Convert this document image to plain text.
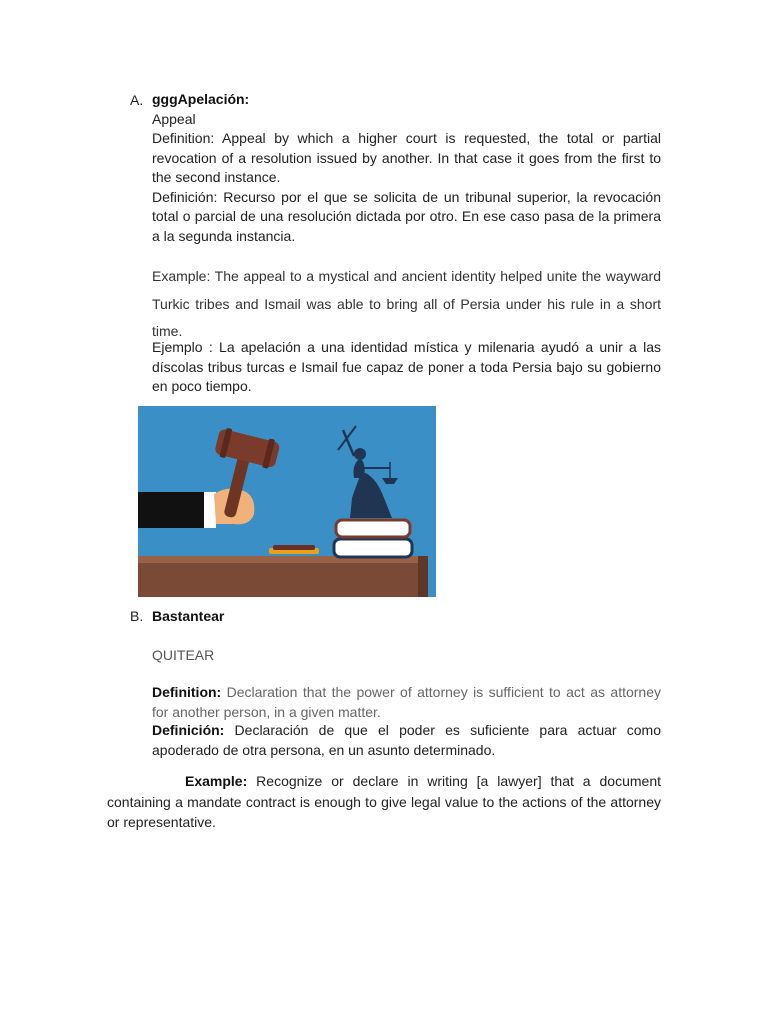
A. gggApelación:

Appeal

Definition: Appeal by which a higher court is requested, the total or partial revocation of a resolution issued by another. In that case it goes from the first to the second instance.

Definición: Recurso por el que se solicita de un tribunal superior, la revocación total o parcial de una resolución dictada por otro. En ese caso pasa de la primera a la segunda instancia.

Example: The appeal to a mystical and ancient identity helped unite the wayward Turkic tribes and Ismail was able to bring all of Persia under his rule in a short time.

Ejemplo : La apelación a una identidad mística y milenaria ayudó a unir a las díscolas tribus turcas e Ismail fue capaz de poner a toda Persia bajo su gobierno en poco tiempo.

B. Bastantear
QUITEAR

Definition: Declaration that the power of attorney is sufficient to act as attorney for another person, in a given matter.

Definición: Declaración de que el poder es suficiente para actuar como apoderado de otra persona, en un asunto determinado.

Example: Recognize or declare in writing [a lawyer] that a document containing a mandate contract is enough to give legal value to the actions of the attorney or representative.
